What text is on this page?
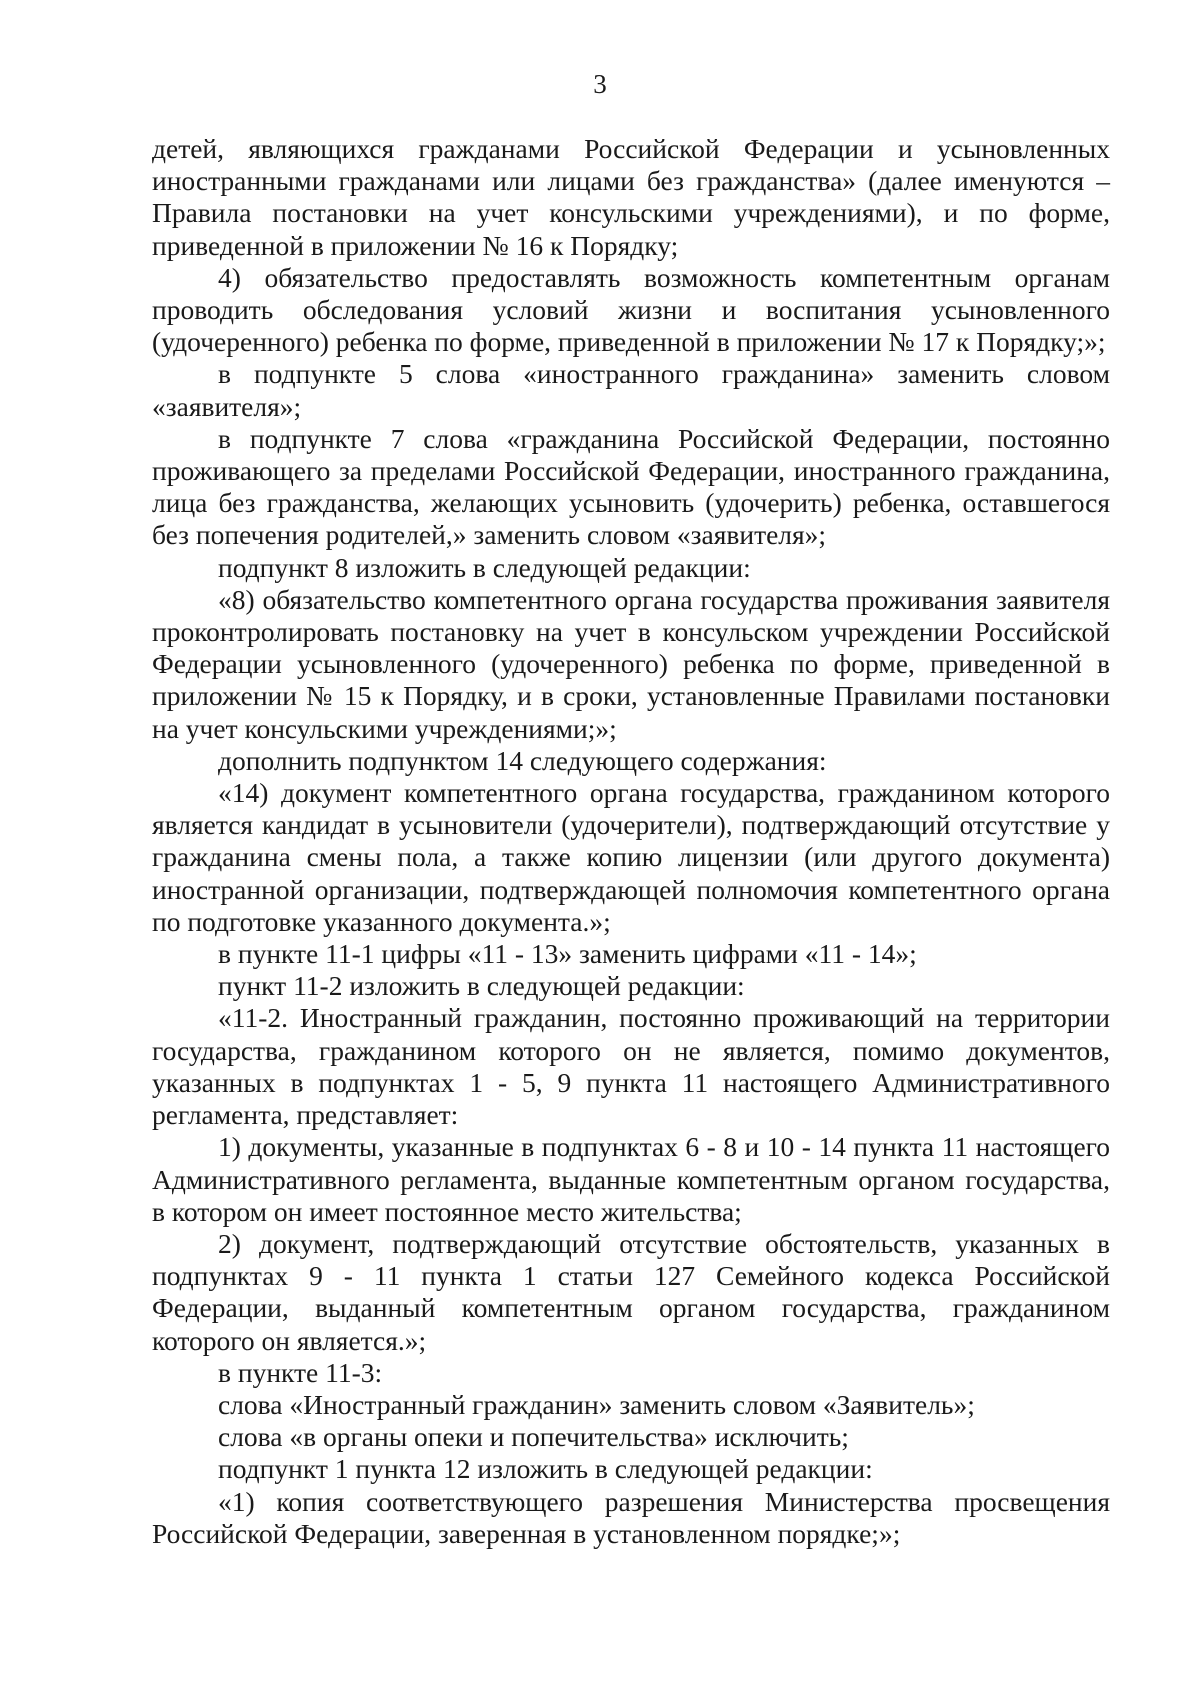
3

детей, являющихся гражданами Российской Федерации и усыновленных иностранными гражданами или лицами без гражданства» (далее именуются – Правила постановки на учет консульскими учреждениями), и по форме, приведенной в приложении № 16 к Порядку;

4) обязательство предоставлять возможность компетентным органам проводить обследования условий жизни и воспитания усыновленного (удочеренного) ребенка по форме, приведенной в приложении № 17 к Порядку;»;

в подпункте 5 слова «иностранного гражданина» заменить словом «заявителя»;

в подпункте 7 слова «гражданина Российской Федерации, постоянно проживающего за пределами Российской Федерации, иностранного гражданина, лица без гражданства, желающих усыновить (удочерить) ребенка, оставшегося без попечения родителей,» заменить словом «заявителя»;

подпункт 8 изложить в следующей редакции:

«8) обязательство компетентного органа государства проживания заявителя проконтролировать постановку на учет в консульском учреждении Российской Федерации усыновленного (удочеренного) ребенка по форме, приведенной в приложении № 15 к Порядку, и в сроки, установленные Правилами постановки на учет консульскими учреждениями;»;

дополнить подпунктом 14 следующего содержания:

«14) документ компетентного органа государства, гражданином которого является кандидат в усыновители (удочерители), подтверждающий отсутствие у гражданина смены пола, а также копию лицензии (или другого документа) иностранной организации, подтверждающей полномочия компетентного органа по подготовке указанного документа.»;

в пункте 11-1 цифры «11 - 13» заменить цифрами «11 - 14»;

пункт 11-2 изложить в следующей редакции:

«11-2. Иностранный гражданин, постоянно проживающий на территории государства, гражданином которого он не является, помимо документов, указанных в подпунктах 1 - 5, 9 пункта 11 настоящего Административного регламента, представляет:

1) документы, указанные в подпунктах 6 - 8 и 10 - 14 пункта 11 настоящего Административного регламента, выданные компетентным органом государства, в котором он имеет постоянное место жительства;

2) документ, подтверждающий отсутствие обстоятельств, указанных в подпунктах 9 - 11 пункта 1 статьи 127 Семейного кодекса Российской Федерации, выданный компетентным органом государства, гражданином которого он является.»;

в пункте 11-3:

слова «Иностранный гражданин» заменить словом «Заявитель»;

слова «в органы опеки и попечительства» исключить;

подпункт 1 пункта 12 изложить в следующей редакции:

«1) копия соответствующего разрешения Министерства просвещения Российской Федерации, заверенная в установленном порядке;»;
